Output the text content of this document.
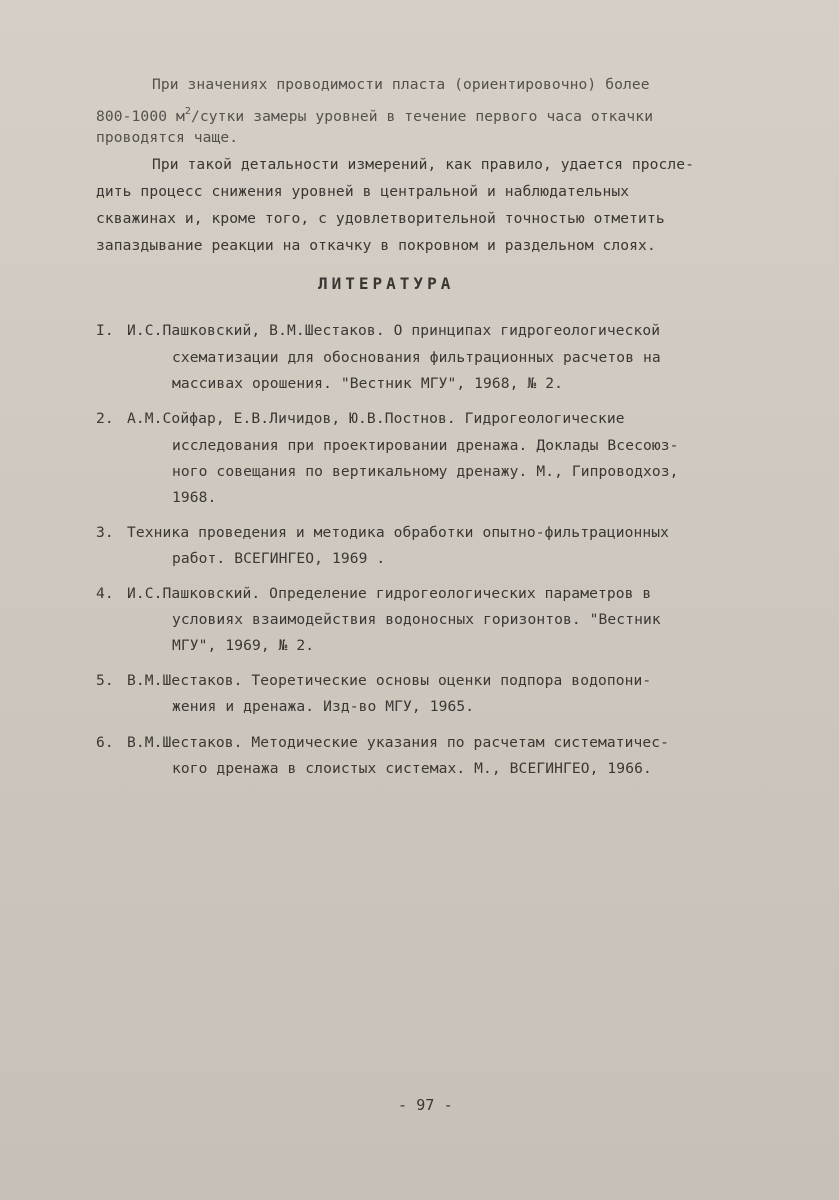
При значениях проводимости пласта (ориентировочно) более
800-1000 $м^2$/сутки замеры уровней в течение первого часа откачки
проводятся чаще.
При такой детальности измерений, как правило, удается просле-
дить процесс снижения уровней в центральной и наблюдательных
скважинах и, кроме того, с удовлетворительной точностью отметить
запаздывание реакции на откачку в покровном и раздельном слоях.
ЛИТЕРАТУРА
I. И.С.Пашковский, В.М.Шестаков. О принципах гидрогеологической
схематизации для обоснования фильтрационных расчетов на
массивах орошения. "Вестник МГУ", 1968, № 2.
2. А.М.Сойфар, Е.В.Личидов, Ю.В.Постнов. Гидрогеологические
исследования при проектировании дренажа. Доклады Всесоюз-
ного совещания по вертикальному дренажу. М., Гипроводхоз,
1968.
3. Техника проведения и методика обработки опытно-фильтрационных
работ. ВСЕГИНГЕО, 1969 .
4. И.С.Пашковский. Определение гидрогеологических параметров в
условиях взаимодействия водоносных горизонтов. "Вестник
МГУ", 1969, № 2.
5. В.М.Шестаков. Теоретические основы оценки подпора водопони-
жения и дренажа. Изд-во МГУ, 1965.
6. В.М.Шестаков. Методические указания по расчетам систематичес-
кого дренажа в слоистых системах. М., ВСЕГИНГЕО, 1966.
- 97 -
